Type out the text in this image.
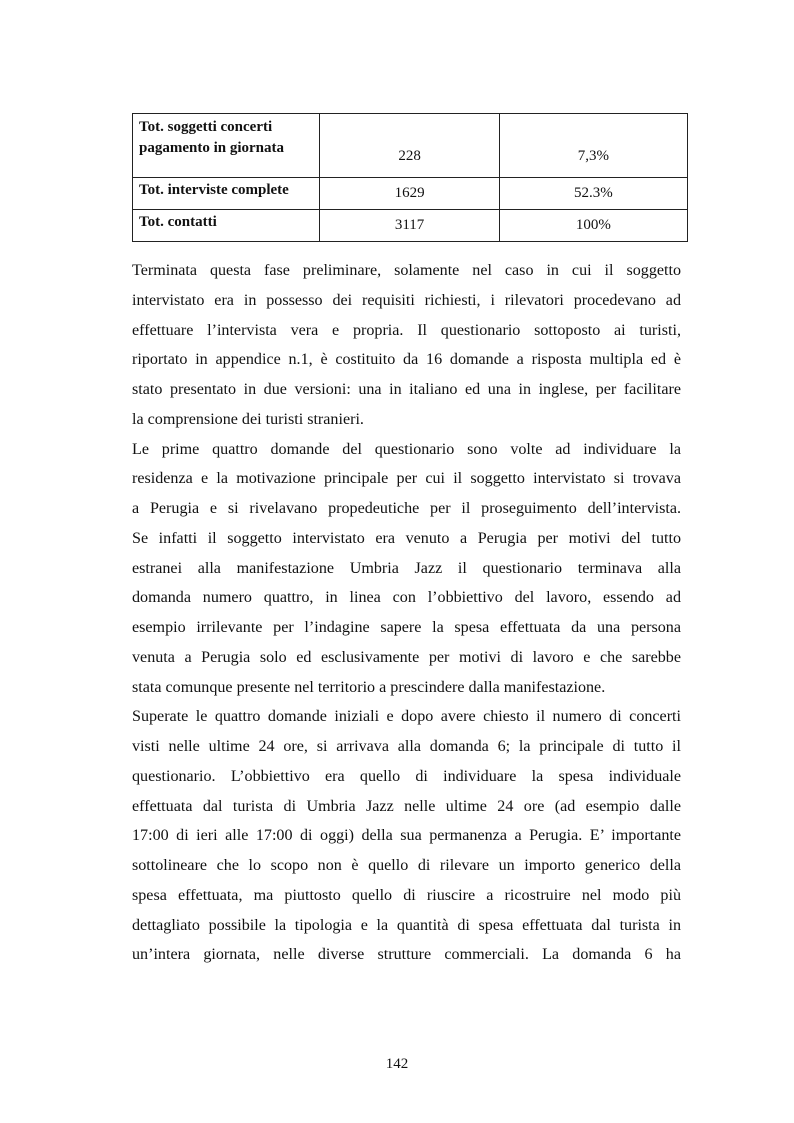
Tot. soggetti concerti pagamento in giornata	228	7,3%
Tot. interviste complete	1629	52.3%
Tot. contatti	3117	100%

Terminata questa fase preliminare, solamente nel caso in cui il soggetto

intervistato era in possesso dei requisiti richiesti, i rilevatori procedevano ad

effettuare l’intervista vera e propria. Il questionario sottoposto ai turisti,

riportato in appendice n.1, è costituito da 16 domande a risposta multipla ed è

stato presentato in due versioni: una in italiano ed una in inglese, per facilitare

la comprensione dei turisti stranieri.

Le prime quattro domande del questionario sono volte ad individuare la

residenza e la motivazione principale per cui il soggetto intervistato si trovava

a Perugia e si rivelavano propedeutiche per il proseguimento dell’intervista.

Se infatti il soggetto intervistato era venuto a Perugia per motivi del tutto

estranei alla manifestazione Umbria Jazz il questionario terminava alla

domanda numero quattro, in linea con l’obbiettivo del lavoro, essendo ad

esempio irrilevante per l’indagine sapere la spesa effettuata da una persona

venuta a Perugia solo ed esclusivamente per motivi di lavoro e che sarebbe

stata comunque presente nel territorio a prescindere dalla manifestazione.

Superate le quattro domande iniziali e dopo avere chiesto il numero di concerti

visti nelle ultime 24 ore, si arrivava alla domanda 6; la principale di tutto il

questionario. L’obbiettivo era quello di individuare la spesa individuale

effettuata dal turista di Umbria Jazz nelle ultime 24 ore (ad esempio dalle

17:00 di ieri alle 17:00 di oggi) della sua permanenza a Perugia. E’ importante

sottolineare che lo scopo non è quello di rilevare un importo generico della

spesa effettuata, ma piuttosto quello di riuscire a ricostruire nel modo più

dettagliato possibile la tipologia e la quantità di spesa effettuata dal turista in

un’intera giornata, nelle diverse strutture commerciali. La domanda 6 ha

142
